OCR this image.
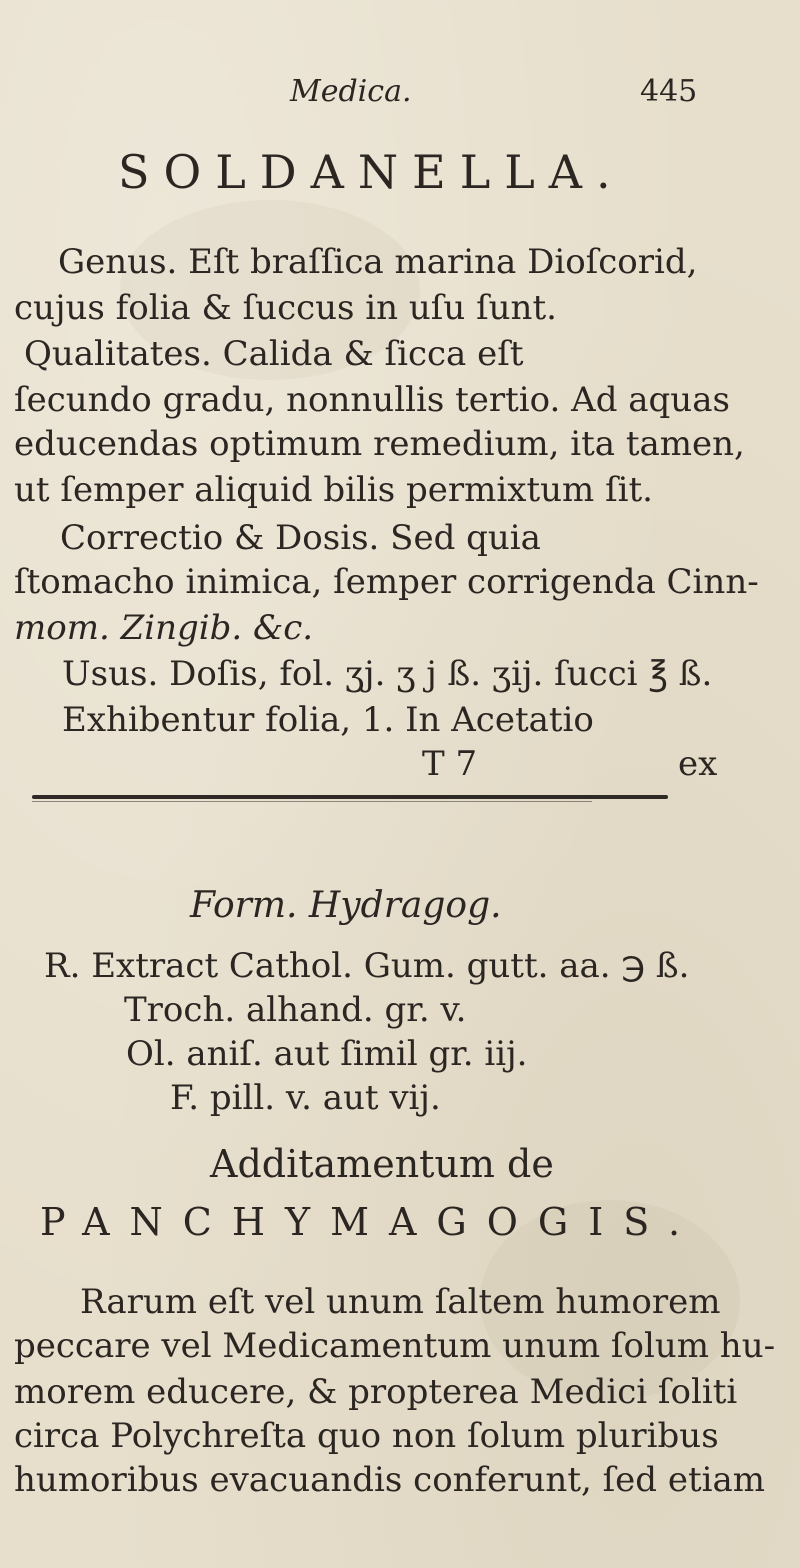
Medica.	445
SOLDANELLA.
Genus. Eſt braſſica marina Dioſcorid,
cujus folia & ſuccus in uſu ſunt.
Qualitates. Calida & ſicca eſt
ſecundo gradu, nonnullis tertio. Ad aquas
educendas optimum remedium, ita tamen,
ut ſemper aliquid bilis permixtum ſit.
Correctio & Dosis. Sed quia
ſtomacho inimica, ſemper corrigenda Cinn-
mom. Zingib. &c.
Usus. Doſis, fol. ʒj. ʒ j ß. ʒij. ſucci ℥ ß.
Exhibentur folia, 1. In Acetatio
T 7	ex
Form. Hydragog.
R. Extract Cathol. Gum. gutt. aa. ℈ ß.
Troch. alhand. gr. v.
Ol. aniſ. aut ſimil gr. iij.
F. pill. v. aut vij.
Additamentum de
PANCHYMAGOGIS.
Rarum eſt vel unum ſaltem humorem
peccare vel Medicamentum unum ſolum hu-
morem educere, & propterea Medici ſoliti
circa Polychreſta quo non ſolum pluribus
humoribus evacuandis conferunt, ſed etiam
